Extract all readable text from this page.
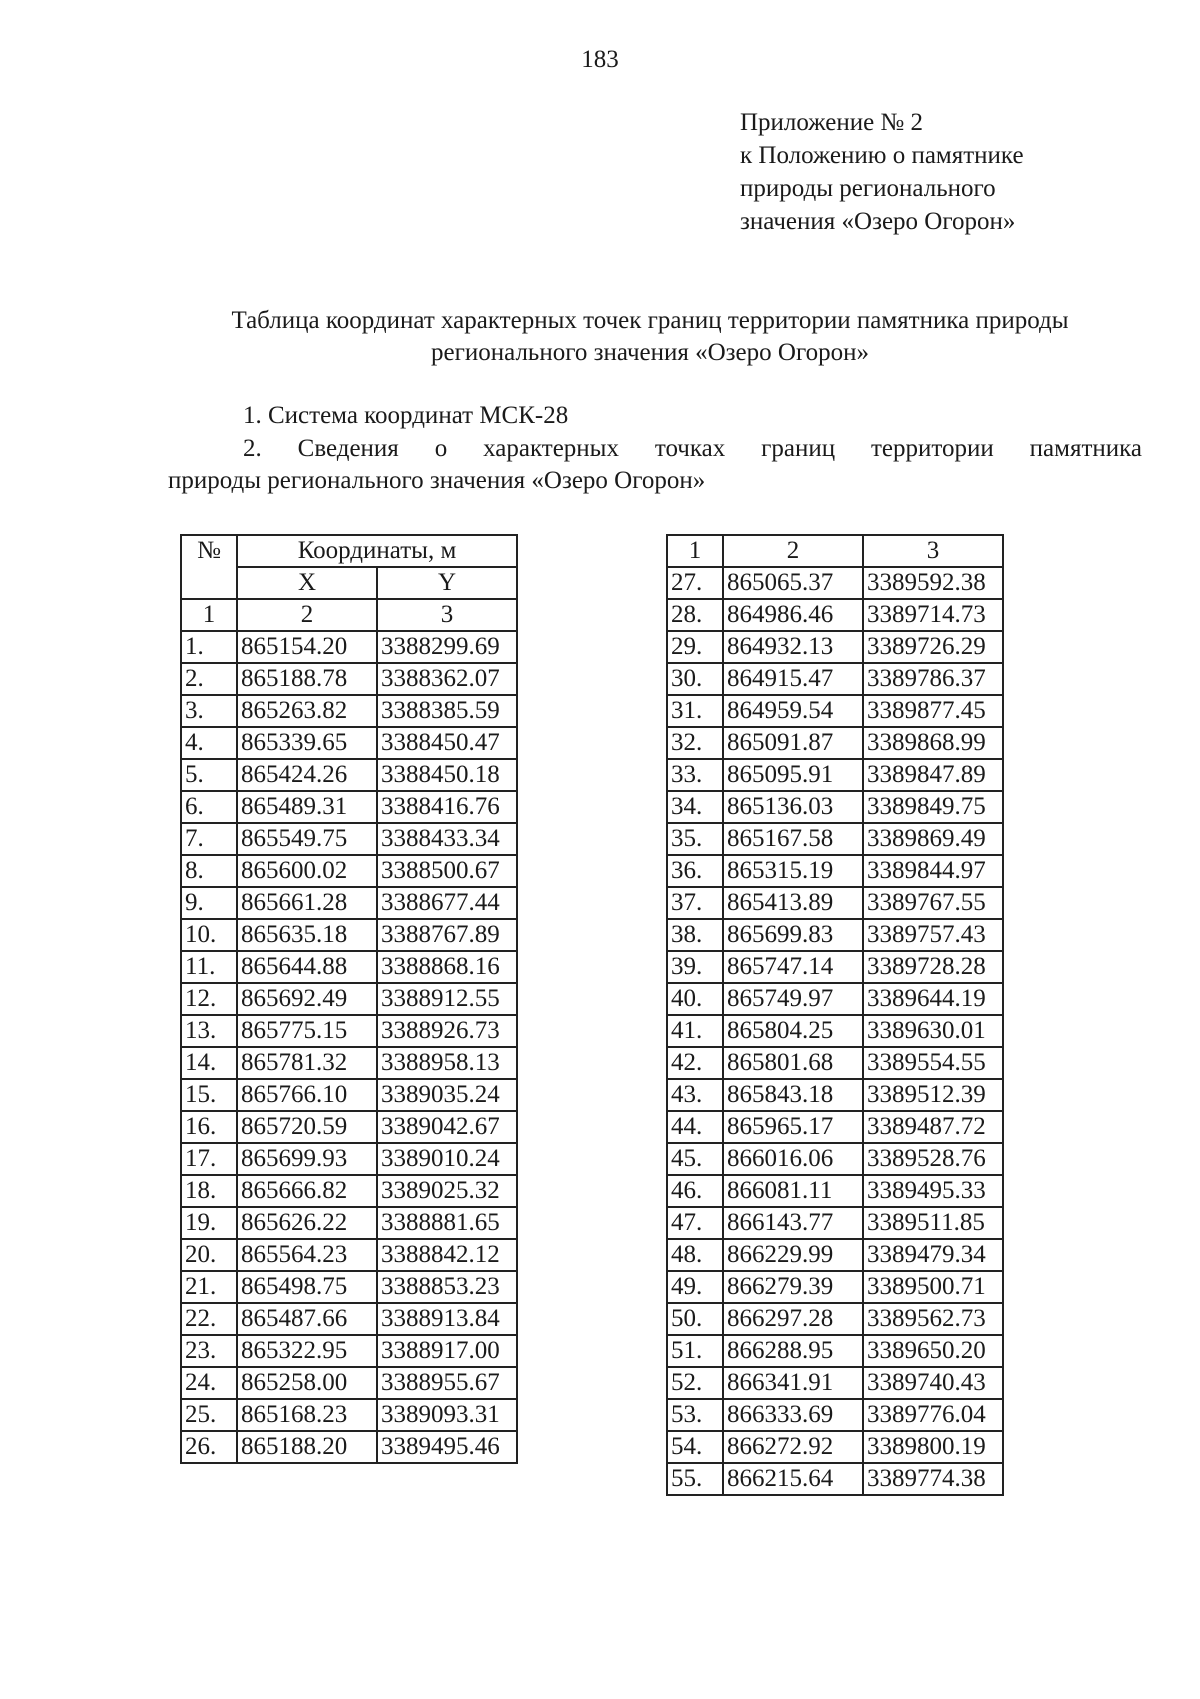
183
Приложение № 2
к Положению о памятнике
природы регионального
значения «Озеро Огорон»
Таблица координат характерных точек границ территории памятника природы
регионального значения «Озеро Огорон»
1. Система координат МСК-28
2. Сведения о характерных точках границ территории памятника
природы регионального значения «Озеро Огорон»
№	Координаты, м	
	X	Y
1	2	3
1.	865154.20	3388299.69
2.	865188.78	3388362.07
3.	865263.82	3388385.59
4.	865339.65	3388450.47
5.	865424.26	3388450.18
6.	865489.31	3388416.76
7.	865549.75	3388433.34
8.	865600.02	3388500.67
9.	865661.28	3388677.44
10.	865635.18	3388767.89
11.	865644.88	3388868.16
12.	865692.49	3388912.55
13.	865775.15	3388926.73
14.	865781.32	3388958.13
15.	865766.10	3389035.24
16.	865720.59	3389042.67
17.	865699.93	3389010.24
18.	865666.82	3389025.32
19.	865626.22	3388881.65
20.	865564.23	3388842.12
21.	865498.75	3388853.23
22.	865487.66	3388913.84
23.	865322.95	3388917.00
24.	865258.00	3388955.67
25.	865168.23	3389093.31
26.	865188.20	3389495.46
1	2	3
27.	865065.37	3389592.38
28.	864986.46	3389714.73
29.	864932.13	3389726.29
30.	864915.47	3389786.37
31.	864959.54	3389877.45
32.	865091.87	3389868.99
33.	865095.91	3389847.89
34.	865136.03	3389849.75
35.	865167.58	3389869.49
36.	865315.19	3389844.97
37.	865413.89	3389767.55
38.	865699.83	3389757.43
39.	865747.14	3389728.28
40.	865749.97	3389644.19
41.	865804.25	3389630.01
42.	865801.68	3389554.55
43.	865843.18	3389512.39
44.	865965.17	3389487.72
45.	866016.06	3389528.76
46.	866081.11	3389495.33
47.	866143.77	3389511.85
48.	866229.99	3389479.34
49.	866279.39	3389500.71
50.	866297.28	3389562.73
51.	866288.95	3389650.20
52.	866341.91	3389740.43
53.	866333.69	3389776.04
54.	866272.92	3389800.19
55.	866215.64	3389774.38
